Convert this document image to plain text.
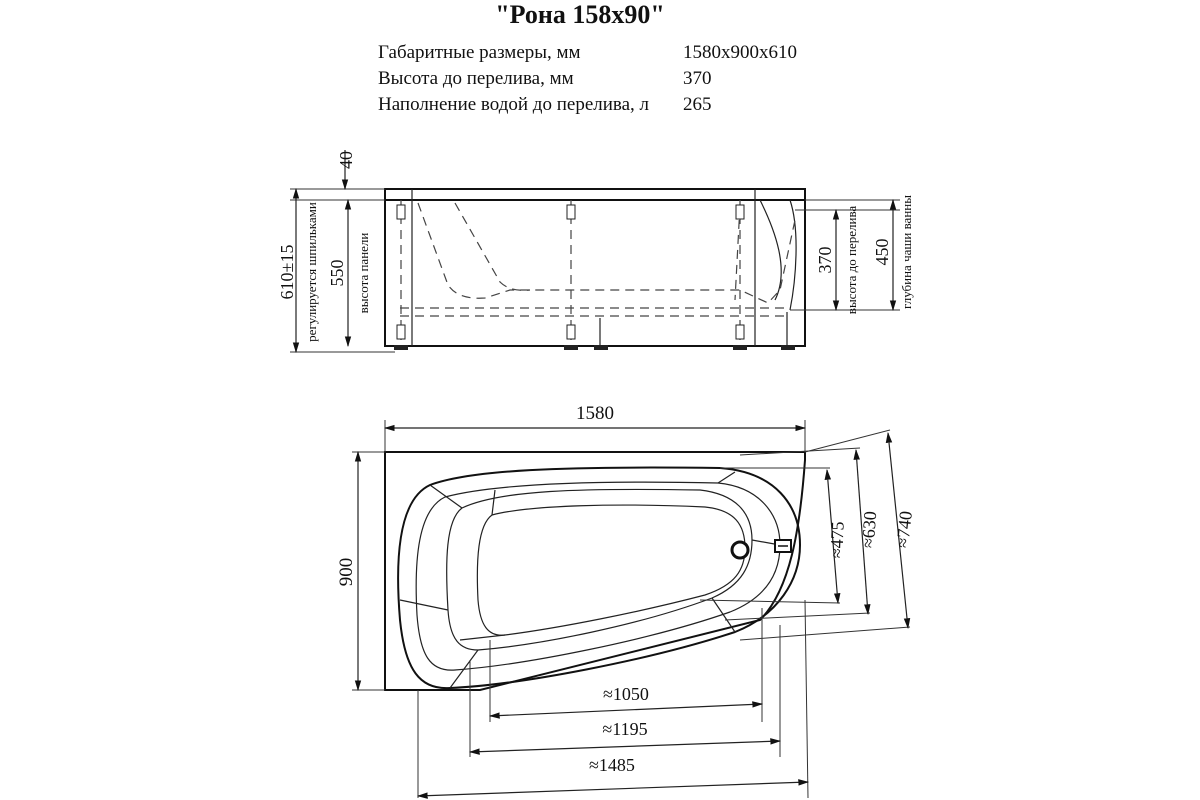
"Рона 158x90"
Габаритные размеры, мм	1580x900x610
Высота до перелива, мм	370
Наполнение водой до перелива, л	265
40
610±15 регулируется шпильками 550 высота панели	370 высота до перелива 450 глубина чаши ванны
1580
900
≈475 ≈630 ≈740
≈1050
≈1195
≈1485
